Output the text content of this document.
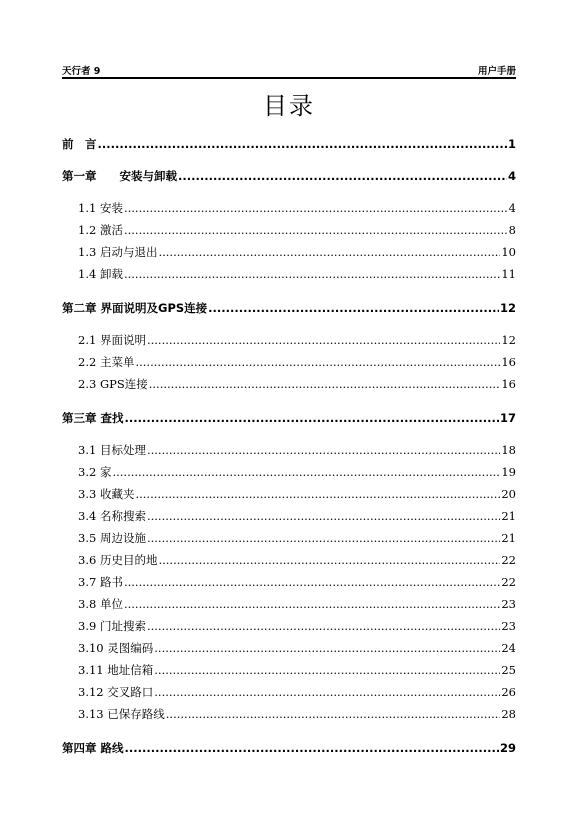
天行者 9	用户手册
目录
前　言 .....	1
第一章　　安装与卸载 .....	4
1.1 安装 .....	4
1.2 激活 .....	8
1.3 启动与退出 .....	10
1.4 卸载 .....	11
第二章 界面说明及GPS连接 .....	12
2.1 界面说明 .....	12
2.2 主菜单 .....	16
2.3 GPS连接 .....	16
第三章 查找 .....	17
3.1 目标处理 .....	18
3.2 家 .....	19
3.3 收藏夹 .....	20
3.4 名称搜索 .....	21
3.5 周边设施 .....	21
3.6 历史目的地 .....	22
3.7 路书 .....	22
3.8 单位 .....	23
3.9 门址搜索 .....	23
3.10 灵图编码 .....	24
3.11 地址信箱 .....	25
3.12 交叉路口 .....	26
3.13 已保存路线 .....	28
第四章 路线 .....	29
